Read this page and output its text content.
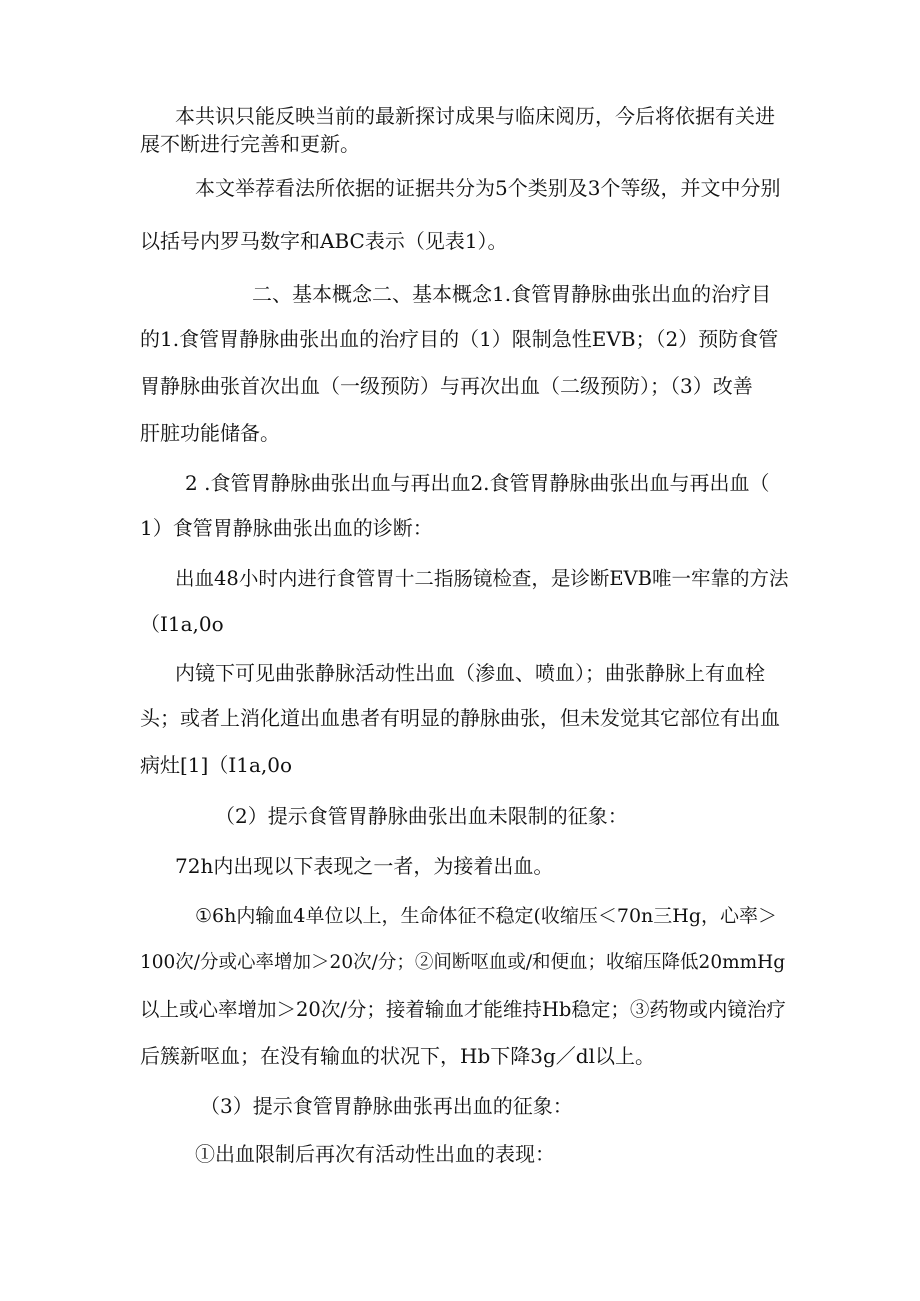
本共识只能反映当前的最新探讨成果与临床阅历，今后将依据有关进
展不断进行完善和更新。
本文举荐看法所依据的证据共分为5个类别及3个等级，并文中分别
以括号内罗马数字和ABC表示（见表1）。
二、基本概念二、基本概念1.食管胃静脉曲张出血的治疗目
的1.食管胃静脉曲张出血的治疗目的（1）限制急性EVB；（2）预防食管
胃静脉曲张首次出血（一级预防）与再次出血（二级预防）；（3）改善
肝脏功能储备。
2 .食管胃静脉曲张出血与再出血2.食管胃静脉曲张出血与再出血（
1）食管胃静脉曲张出血的诊断：
出血48小时内进行食管胃十二指肠镜检查，是诊断EVB唯一牢靠的方法
（I1a,0o
内镜下可见曲张静脉活动性出血（渗血、喷血）；曲张静脉上有血栓
头；或者上消化道出血患者有明显的静脉曲张，但未发觉其它部位有出血
病灶[1]（I1a,0o
（2）提示食管胃静脉曲张出血未限制的征象：
72h内出现以下表现之一者，为接着出血。
①6h内输血4单位以上，生命体征不稳定(收缩压＜70n三Hg，心率＞
100次/分或心率增加＞20次/分；②间断呕血或/和便血；收缩压降低20mmHg
以上或心率增加＞20次/分；接着输血才能维持Hb稳定；③药物或内镜治疗
后簇新呕血；在没有输血的状况下，Hb下降3g／dl以上。
（3）提示食管胃静脉曲张再出血的征象：
①出血限制后再次有活动性出血的表现：
